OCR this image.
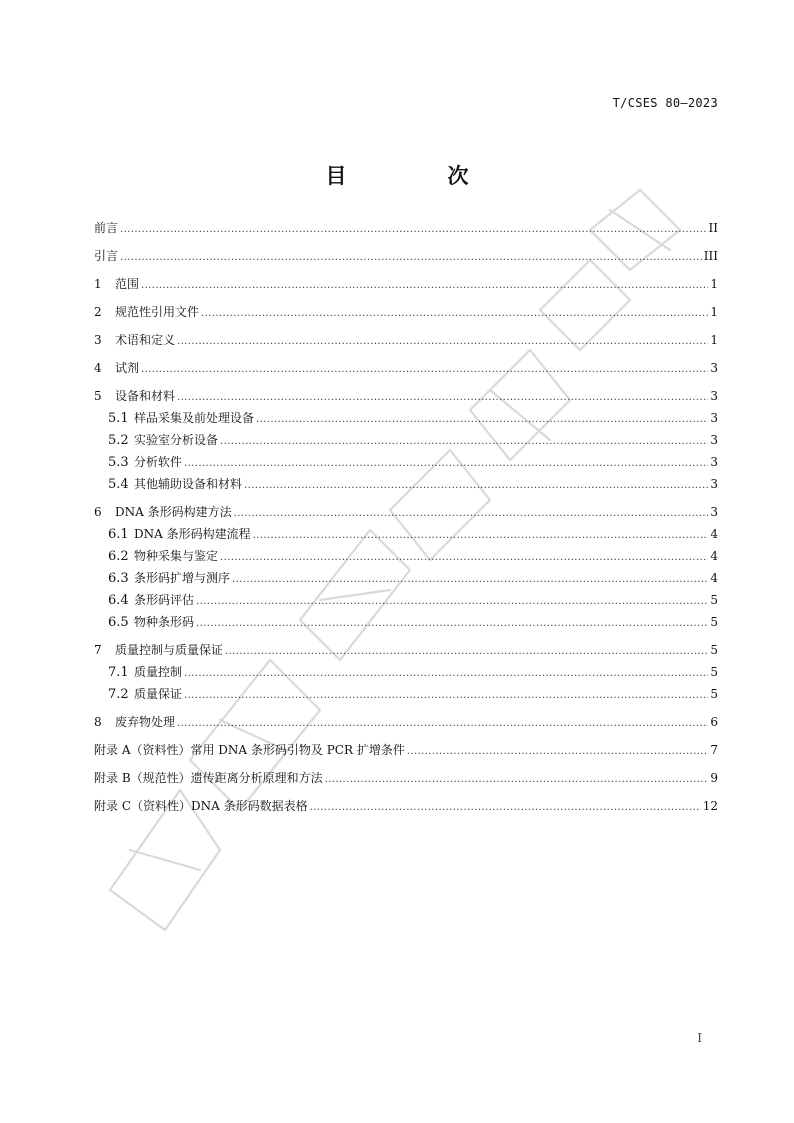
T/CSES 80—2023
目　次
前言 .....	II
引言 .....	III
1	范围 .....	1
2	规范性引用文件 .....	1
3	术语和定义 .....	1
4	试剂 .....	3
5	设备和材料 .....	3
5.1 样品采集及前处理设备 .....	3
5.2 实验室分析设备 .....	3
5.3 分析软件 .....	3
5.4 其他辅助设备和材料 .....	3
6	DNA 条形码构建方法 .....	3
6.1 DNA 条形码构建流程 .....	4
6.2 物种采集与鉴定 .....	4
6.3 条形码扩增与测序 .....	4
6.4 条形码评估 .....	5
6.5 物种条形码 .....	5
7	质量控制与质量保证 .....	5
7.1 质量控制 .....	5
7.2 质量保证 .....	5
8	废弃物处理 .....	6
附录 A（资料性）常用 DNA 条形码引物及 PCR 扩增条件 .....	7
附录 B（规范性）遗传距离分析原理和方法 .....	9
附录 C（资料性）DNA 条形码数据表格 .....	12
I
